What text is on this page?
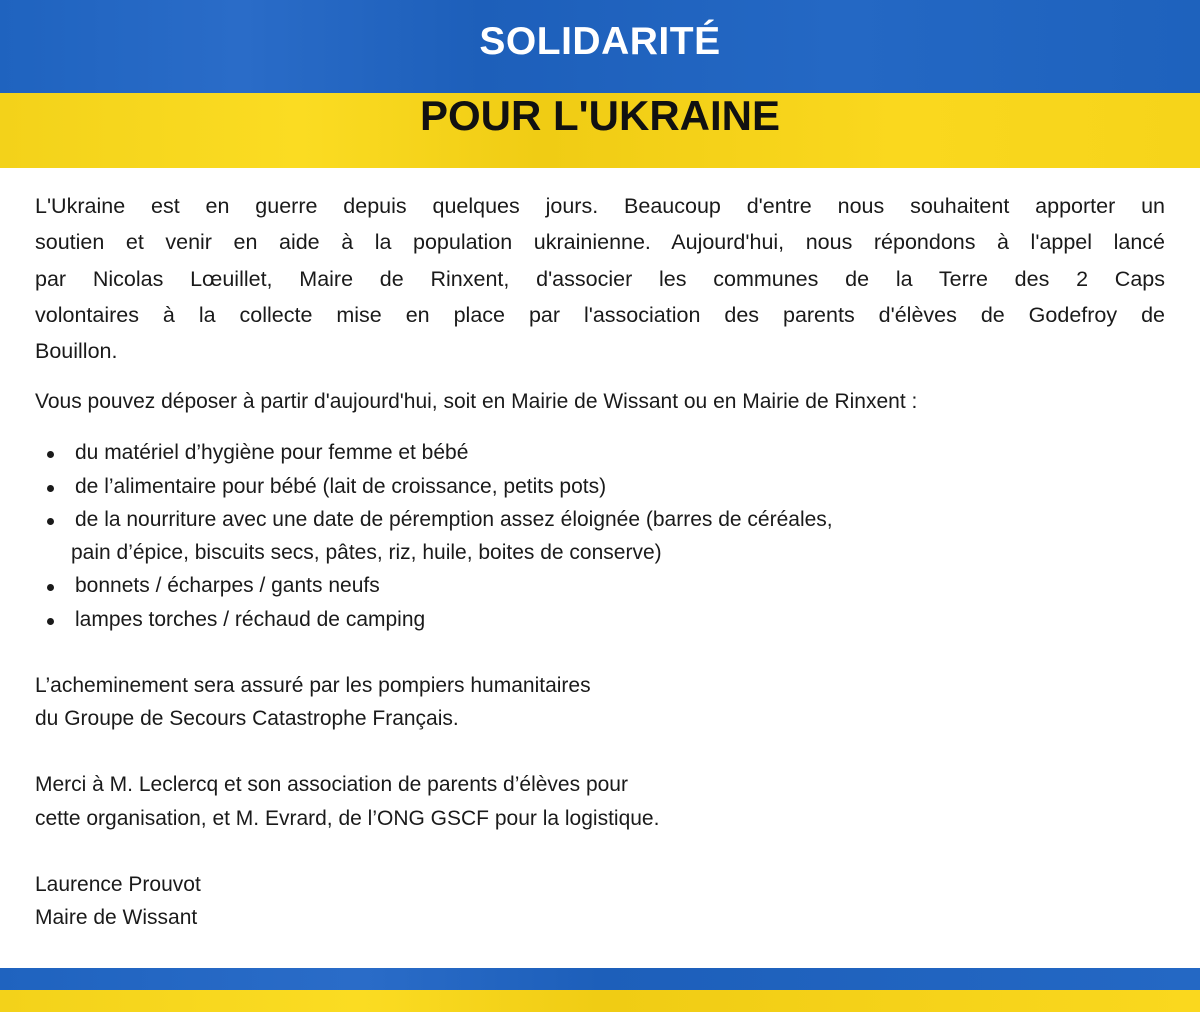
SOLIDARITÉ
POUR L'UKRAINE
L'Ukraine est en guerre depuis quelques jours. Beaucoup d'entre nous souhaitent apporter un
soutien et venir en aide à la population ukrainienne. Aujourd'hui, nous répondons à l'appel lancé
par Nicolas Lœuillet, Maire de Rinxent, d'associer les communes de la Terre des 2 Caps
volontaires à la collecte mise en place par l'association des parents d'élèves de Godefroy de
Bouillon.
Vous pouvez déposer à partir d'aujourd'hui, soit en Mairie de Wissant ou en Mairie de Rinxent :
du matériel d’hygiène pour femme et bébé
de l’alimentaire pour bébé (lait de croissance, petits pots)
de la nourriture avec une date de péremption assez éloignée (barres de céréales,
pain d’épice, biscuits secs, pâtes, riz, huile, boites de conserve)
bonnets / écharpes / gants neufs
lampes torches / réchaud de camping
L’acheminement sera assuré par les pompiers humanitaires
du Groupe de Secours Catastrophe Français.
Merci à M. Leclercq et son association de parents d’élèves pour
cette organisation, et M. Evrard, de l’ONG GSCF pour la logistique.
Laurence Prouvot
Maire de Wissant
